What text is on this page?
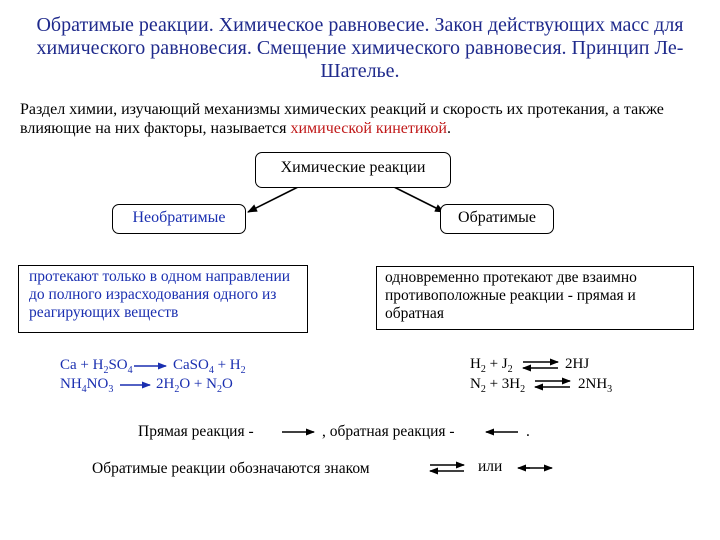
Обратимые реакции. Химическое равновесие. Закон действующих масс для химического равновесия. Смещение химического равновесия. Принцип Ле-Шателье.
Раздел химии, изучающий механизмы химических реакций и скорость их протекания, а также влияющие на них факторы, называется химической кинетикой.
Химические реакции
Необратимые	Обратимые
протекают только в одном направлении до полного израсходования одного из реагирующих веществ
одновременно протекают две взаимно противоположные реакции - прямая и обратная
$Ca + H_2SO_4$	CaSO$_4$ + $H_2$
$NH_4NO_3$	$2H_2O + N_2O$
$H_2 + J_2$	2HJ
$N_2 + 3H_2$	$2NH_3$
Прямая реакция -	, обратная реакция -	.
Обратимые реакции обозначаются знаком	или
